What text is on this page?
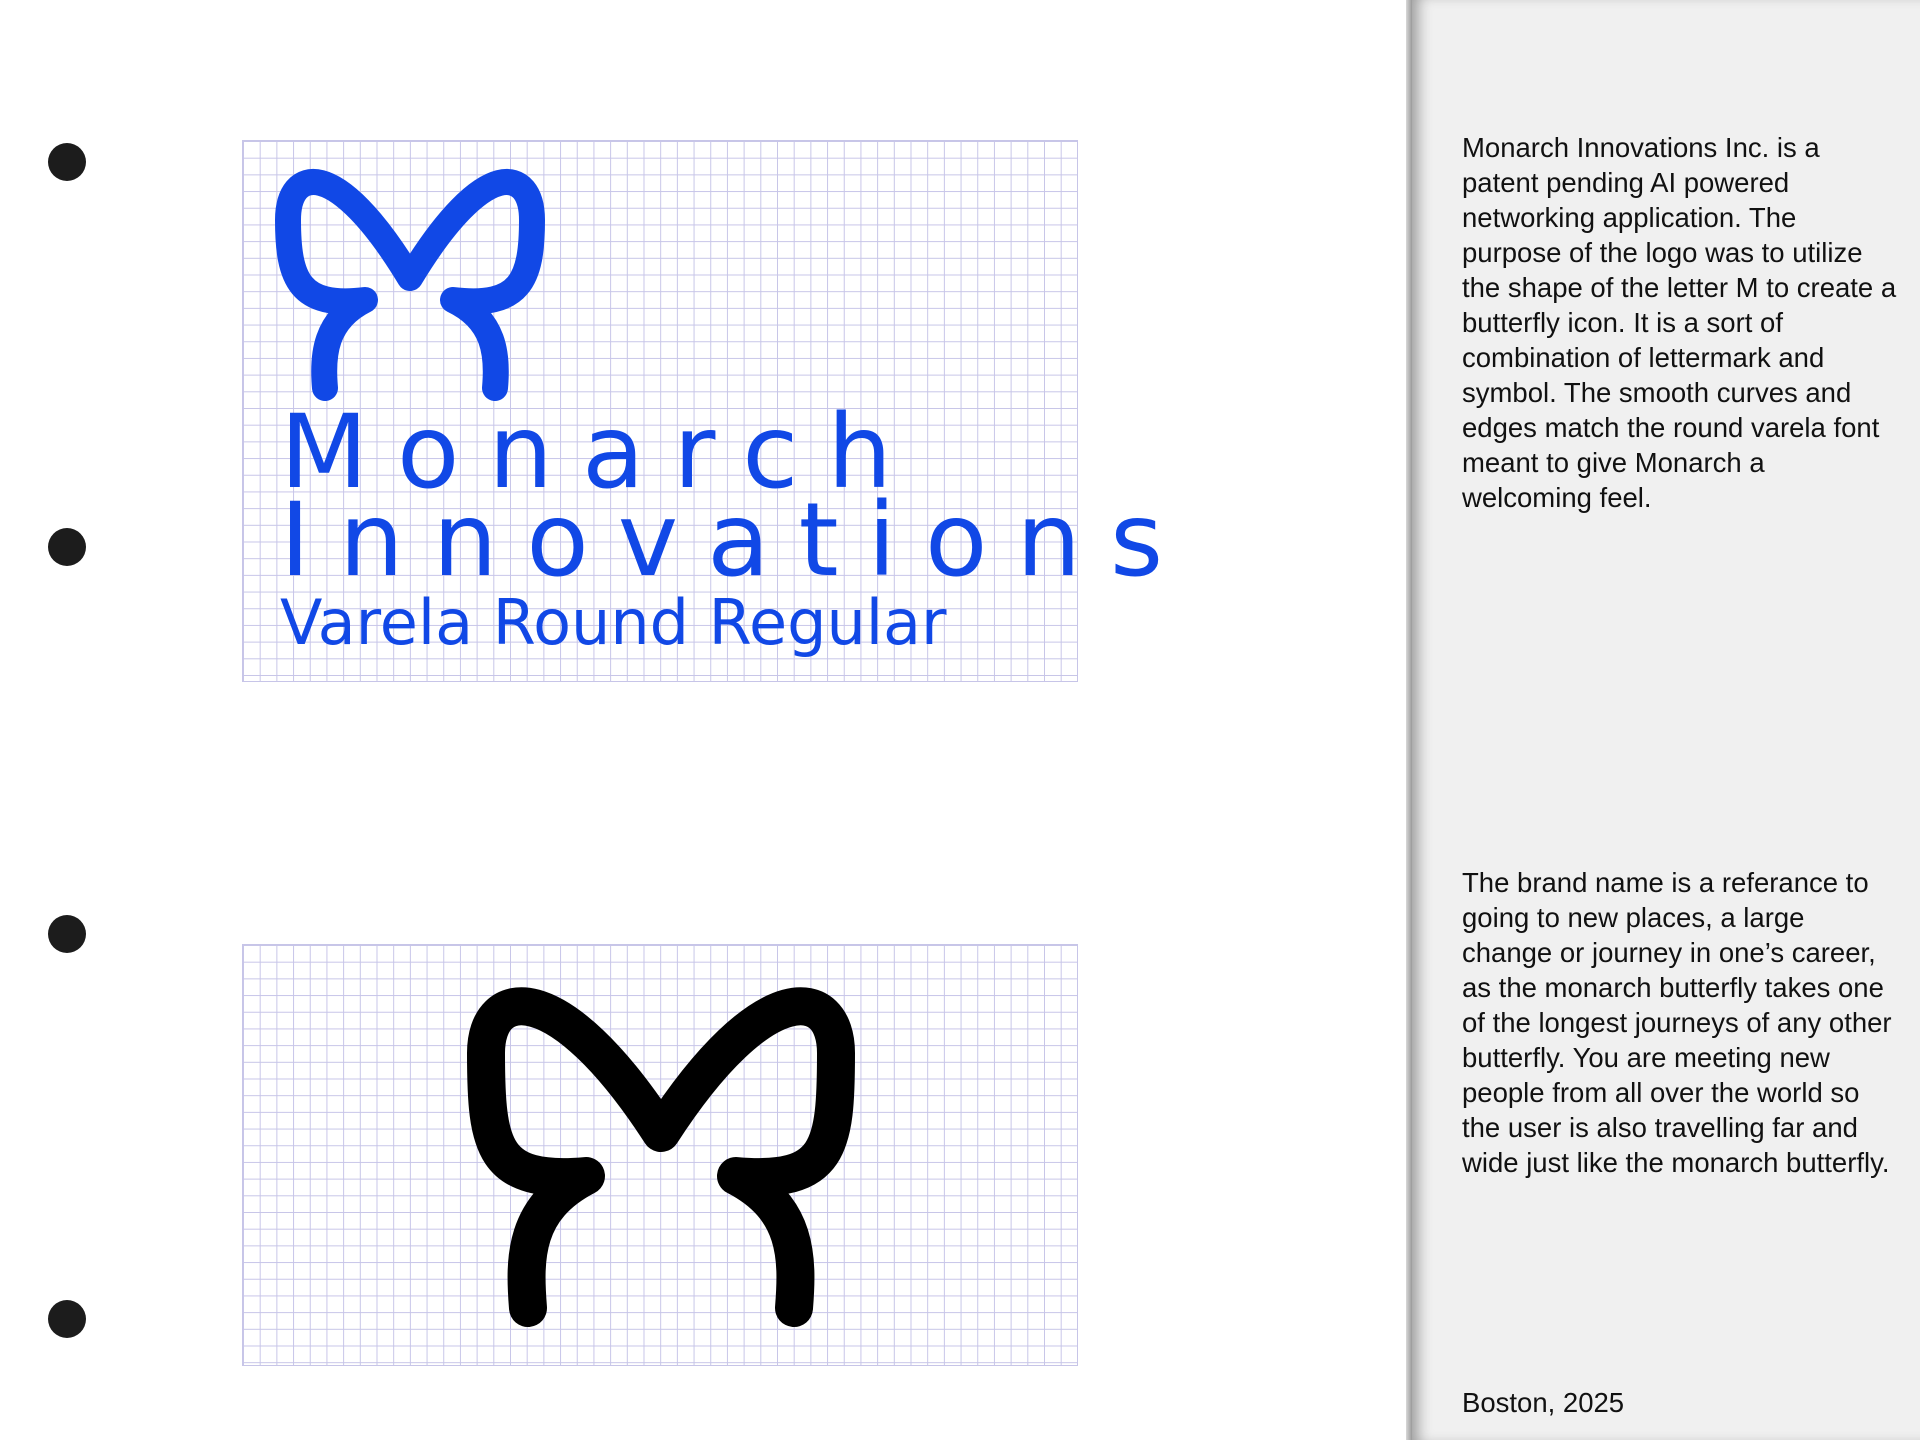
Monarch
Innovations
Varela Round Regular

Monarch Innovations Inc. is a patent pending AI powered networking application. The purpose of the logo was to utilize the shape of the letter M to create a butterfly icon. It is a sort of combination of lettermark and symbol. The smooth curves and edges match the round varela font meant to give Monarch a welcoming feel.

The brand name is a referance to going to new places, a large change or journey in one’s career, as the monarch butterfly takes one of the longest journeys of any other butterfly. You are meeting new people from all over the world so the user is also travelling far and wide just like the monarch butterfly.

Boston, 2025
